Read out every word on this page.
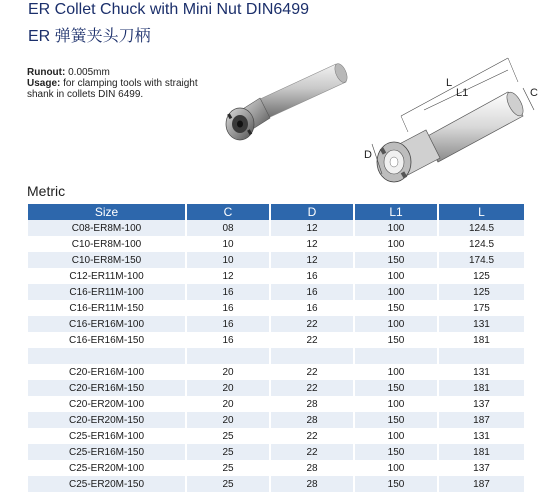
ER Collet Chuck with Mini Nut DIN6499
ER 弹簧夹头刀柄
Runout: 0.005mm
Usage: for clamping tools with straight shank in collets DIN 6499.
L
L1	C
D
Metric
Size	C	D	L1	L
C08-ER8M-100	08	12	100	124.5
C10-ER8M-100	10	12	100	124.5
C10-ER8M-150	10	12	150	174.5
C12-ER11M-100	12	16	100	125
C16-ER11M-100	16	16	100	125
C16-ER11M-150	16	16	150	175
C16-ER16M-100	16	22	100	131
C16-ER16M-150	16	22	150	181

C20-ER16M-100	20	22	100	131
C20-ER16M-150	20	22	150	181
C20-ER20M-100	20	28	100	137
C20-ER20M-150	20	28	150	187
C25-ER16M-100	25	22	100	131
C25-ER16M-150	25	22	150	181
C25-ER20M-100	25	28	100	137
C25-ER20M-150	25	28	150	187
